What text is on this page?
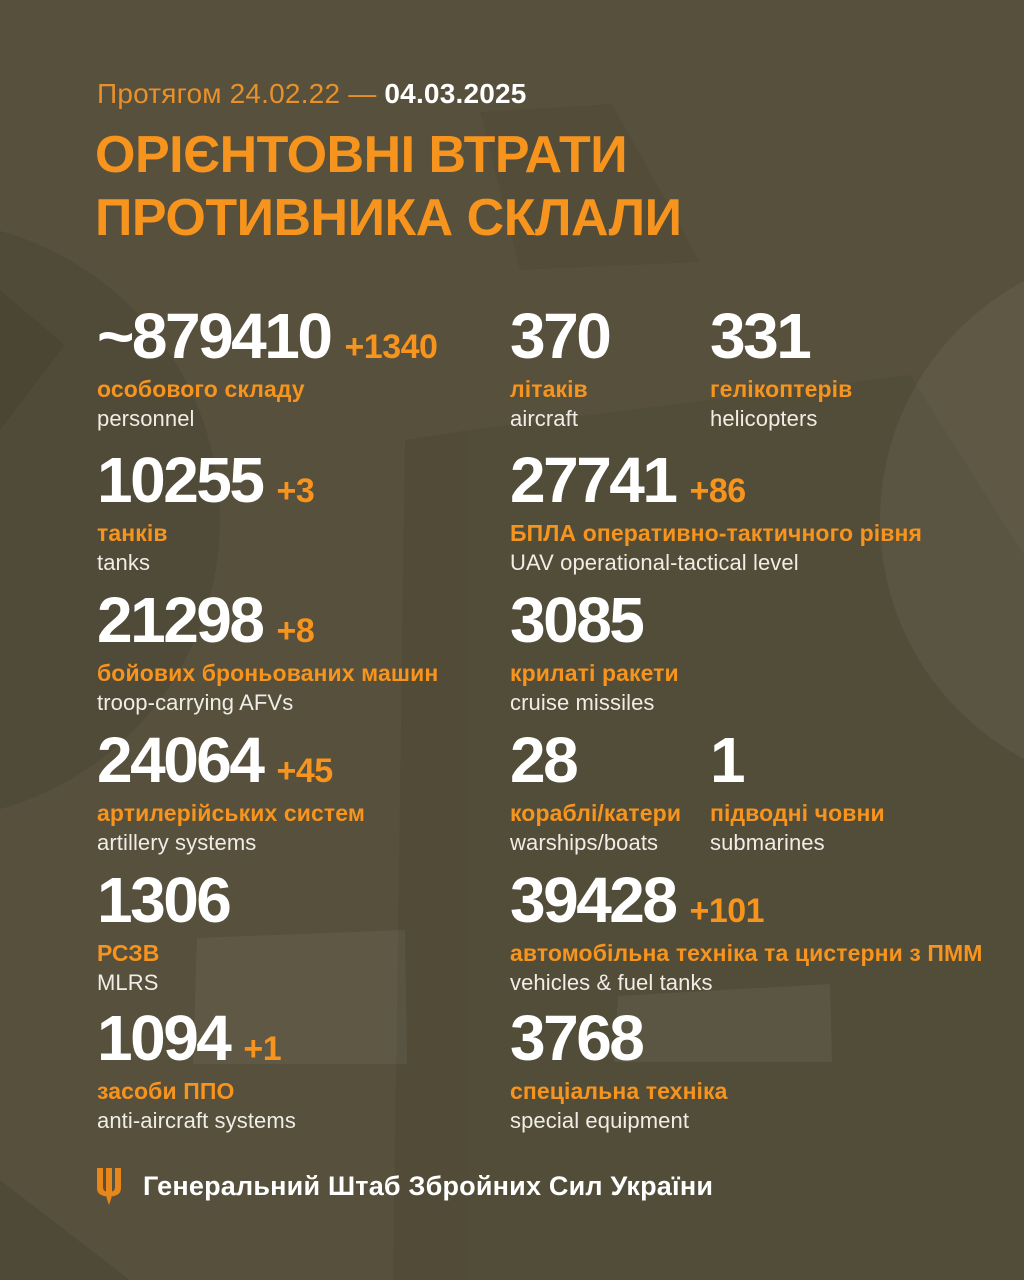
Протягом 24.02.22 — 04.03.2025
ОРІЄНТОВНІ ВТРАТИ
ПРОТИВНИКА СКЛАЛИ
~879410 +1340
особового складу
personnel
370
літаків
aircraft
331
гелікоптерів
helicopters
10255 +3
танків
tanks
27741 +86
БПЛА оперативно-тактичного рівня
UAV operational-tactical level
21298 +8
бойових броньованих машин
troop-carrying AFVs
3085
крилаті ракети
cruise missiles
24064 +45
артилерійських систем
artillery systems
28
кораблі/катери
warships/boats
1
підводні човни
submarines
1306
РСЗВ
MLRS
39428 +101
автомобільна техніка та цистерни з ПММ
vehicles & fuel tanks
1094 +1
засоби ППО
anti-aircraft systems
3768
спеціальна техніка
special equipment
Генеральний Штаб Збройних Сил України
